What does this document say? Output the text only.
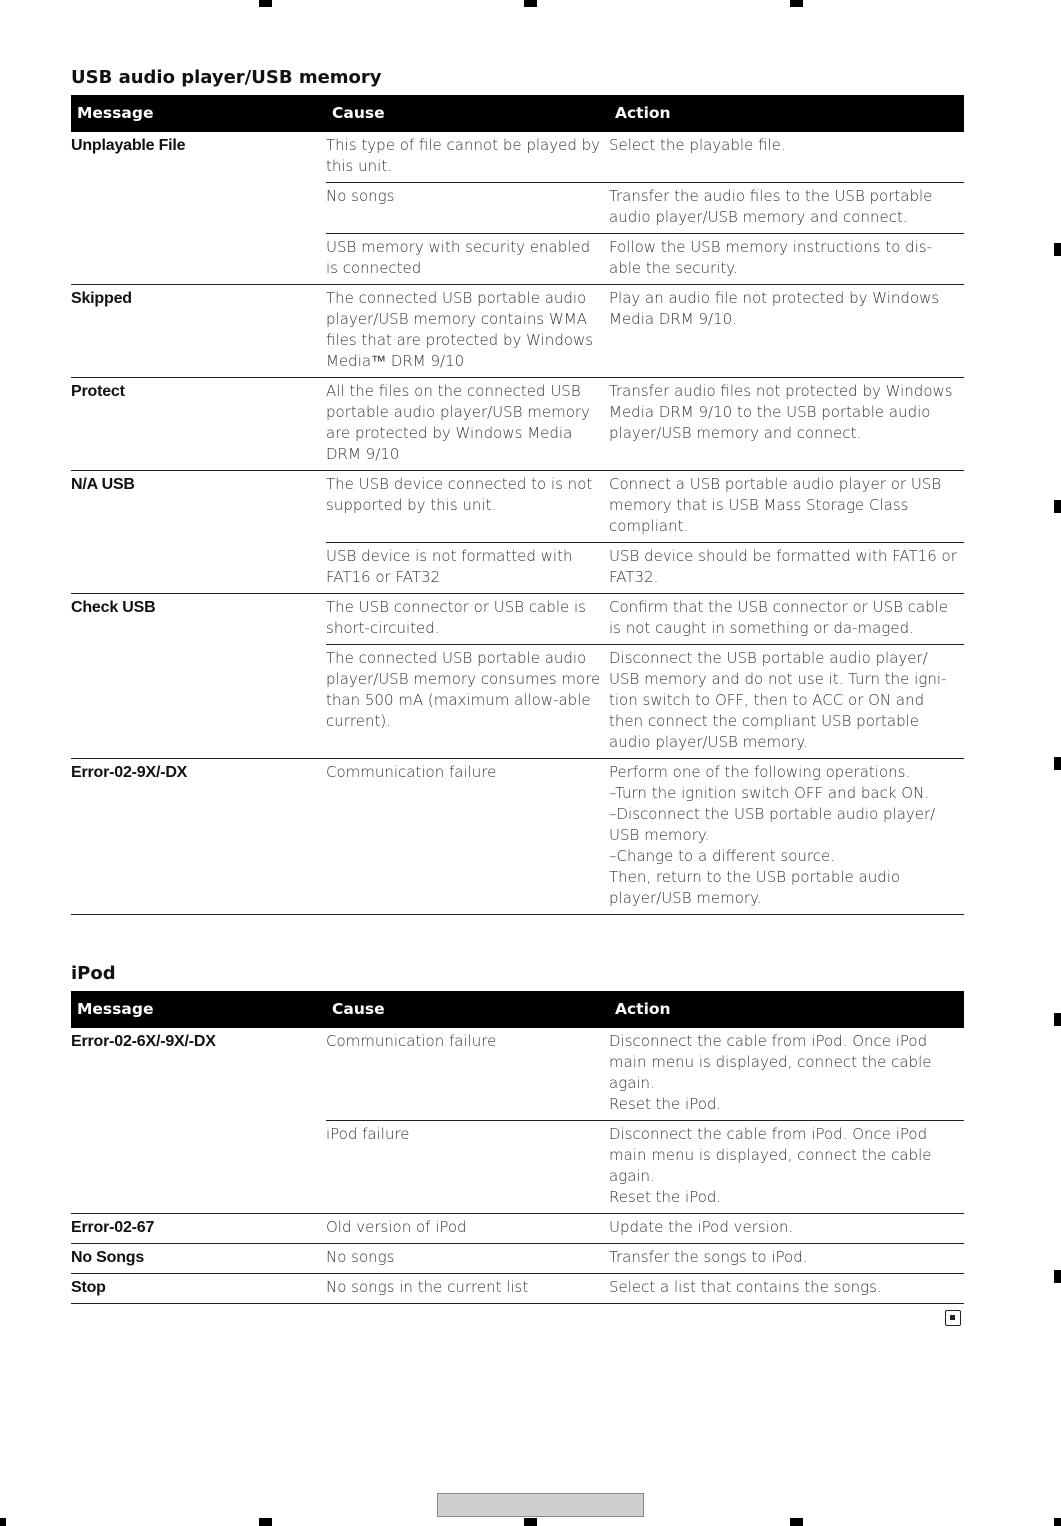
USB audio player/USB memory
Message	Cause	Action
Unplayable File	This type of file cannot be played by this unit.	Select the playable file.
	No songs	Transfer the audio files to the USB portable audio player/USB memory and connect.
	USB memory with security enabled is connected	Follow the USB memory instructions to dis-able the security.
Skipped	The connected USB portable audio player/USB memory contains WMA files that are protected by Windows Media™ DRM 9/10	Play an audio file not protected by Windows Media DRM 9/10.
Protect	All the files on the connected USB portable audio player/USB memory are protected by Windows Media DRM 9/10	Transfer audio files not protected by Windows Media DRM 9/10 to the USB portable audio player/USB memory and connect.
N/A USB	The USB device connected to is not supported by this unit.	Connect a USB portable audio player or USB memory that is USB Mass Storage Class compliant.
	USB device is not formatted with FAT16 or FAT32	USB device should be formatted with FAT16 or FAT32.
Check USB	The USB connector or USB cable is short-circuited.	Confirm that the USB connector or USB cable is not caught in something or da-maged.
	The connected USB portable audio player/USB memory consumes more than 500 mA (maximum allow-able current).	Disconnect the USB portable audio player/ USB memory and do not use it. Turn the igni-tion switch to OFF, then to ACC or ON and then connect the compliant USB portable audio player/USB memory.
Error-02-9X/-DX	Communication failure	Perform one of the following operations.
–Turn the ignition switch OFF and back ON.
–Disconnect the USB portable audio player/ USB memory.
–Change to a different source.
Then, return to the USB portable audio player/USB memory.
iPod
Message	Cause	Action
Error-02-6X/-9X/-DX	Communication failure	Disconnect the cable from iPod. Once iPod main menu is displayed, connect the cable again.
Reset the iPod.
	iPod failure	Disconnect the cable from iPod. Once iPod main menu is displayed, connect the cable again.
Reset the iPod.
Error-02-67	Old version of iPod	Update the iPod version.
No Songs	No songs	Transfer the songs to iPod.
Stop	No songs in the current list	Select a list that contains the songs.
